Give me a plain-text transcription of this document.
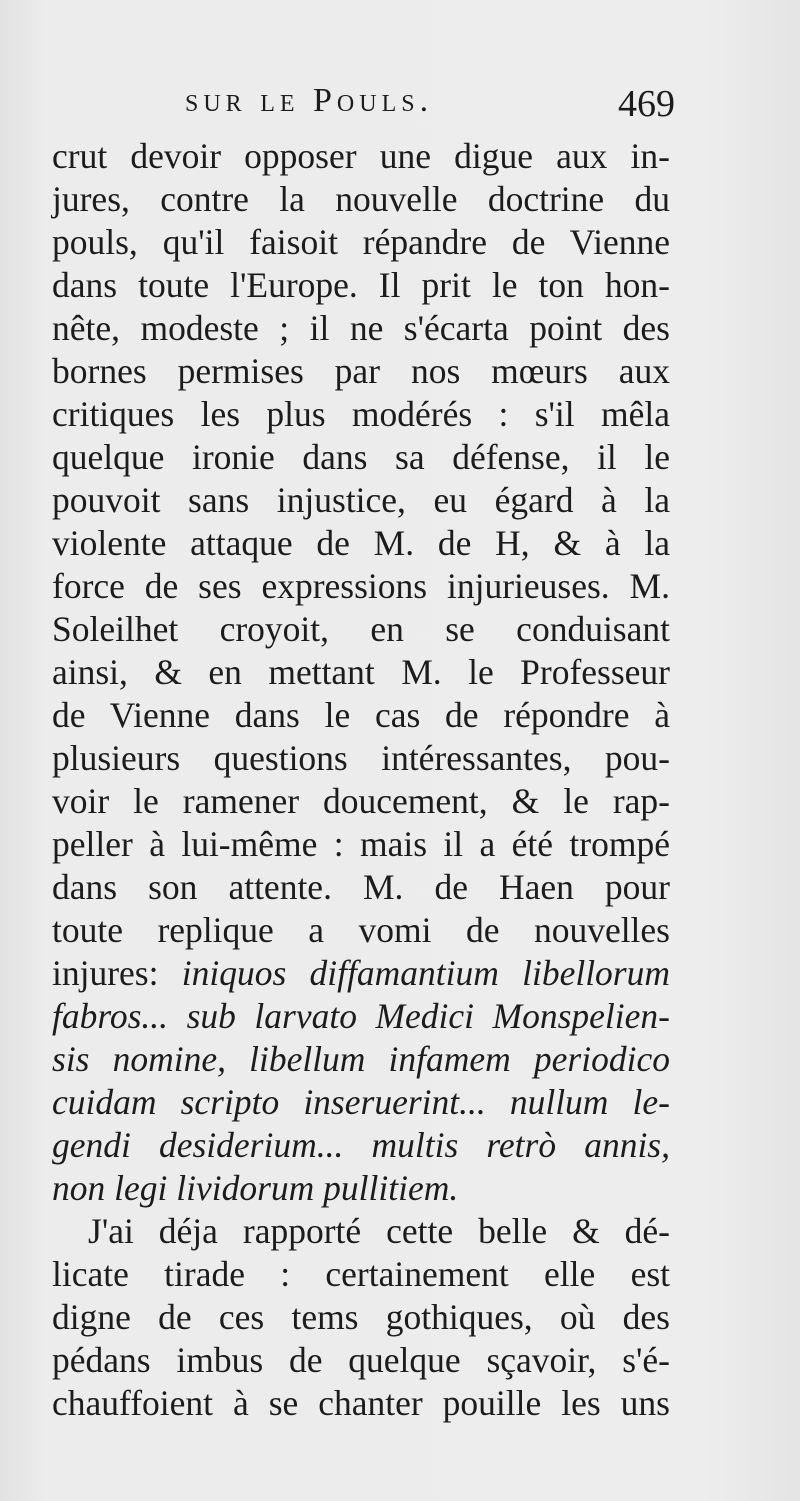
sur le Pouls.	469
crut devoir opposer une digue aux in-
jures, contre la nouvelle doctrine du
pouls, qu'il faisoit répandre de Vienne
dans toute l'Europe. Il prit le ton hon-
nête, modeste ; il ne s'écarta point des
bornes permises par nos mœurs aux
critiques les plus modérés : s'il mêla
quelque ironie dans sa défense, il le
pouvoit sans injustice, eu égard à la
violente attaque de M. de H, & à la
force de ses expressions injurieuses. M.
Soleilhet croyoit, en se conduisant
ainsi, & en mettant M. le Professeur
de Vienne dans le cas de répondre à
plusieurs questions intéressantes, pou-
voir le ramener doucement, & le rap-
peller à lui-même : mais il a été trompé
dans son attente. M. de Haen pour
toute replique a vomi de nouvelles
injures: iniquos diffamantium libellorum
fabros... sub larvato Medici Monspelien-
sis nomine, libellum infamem periodico
cuidam scripto inseruerint... nullum le-
gendi desiderium... multis retrò annis,
non legi lividorum pullitiem.
J'ai déja rapporté cette belle & dé-
licate tirade : certainement elle est
digne de ces tems gothiques, où des
pédans imbus de quelque sçavoir, s'é-
chauffoient à se chanter pouille les uns
